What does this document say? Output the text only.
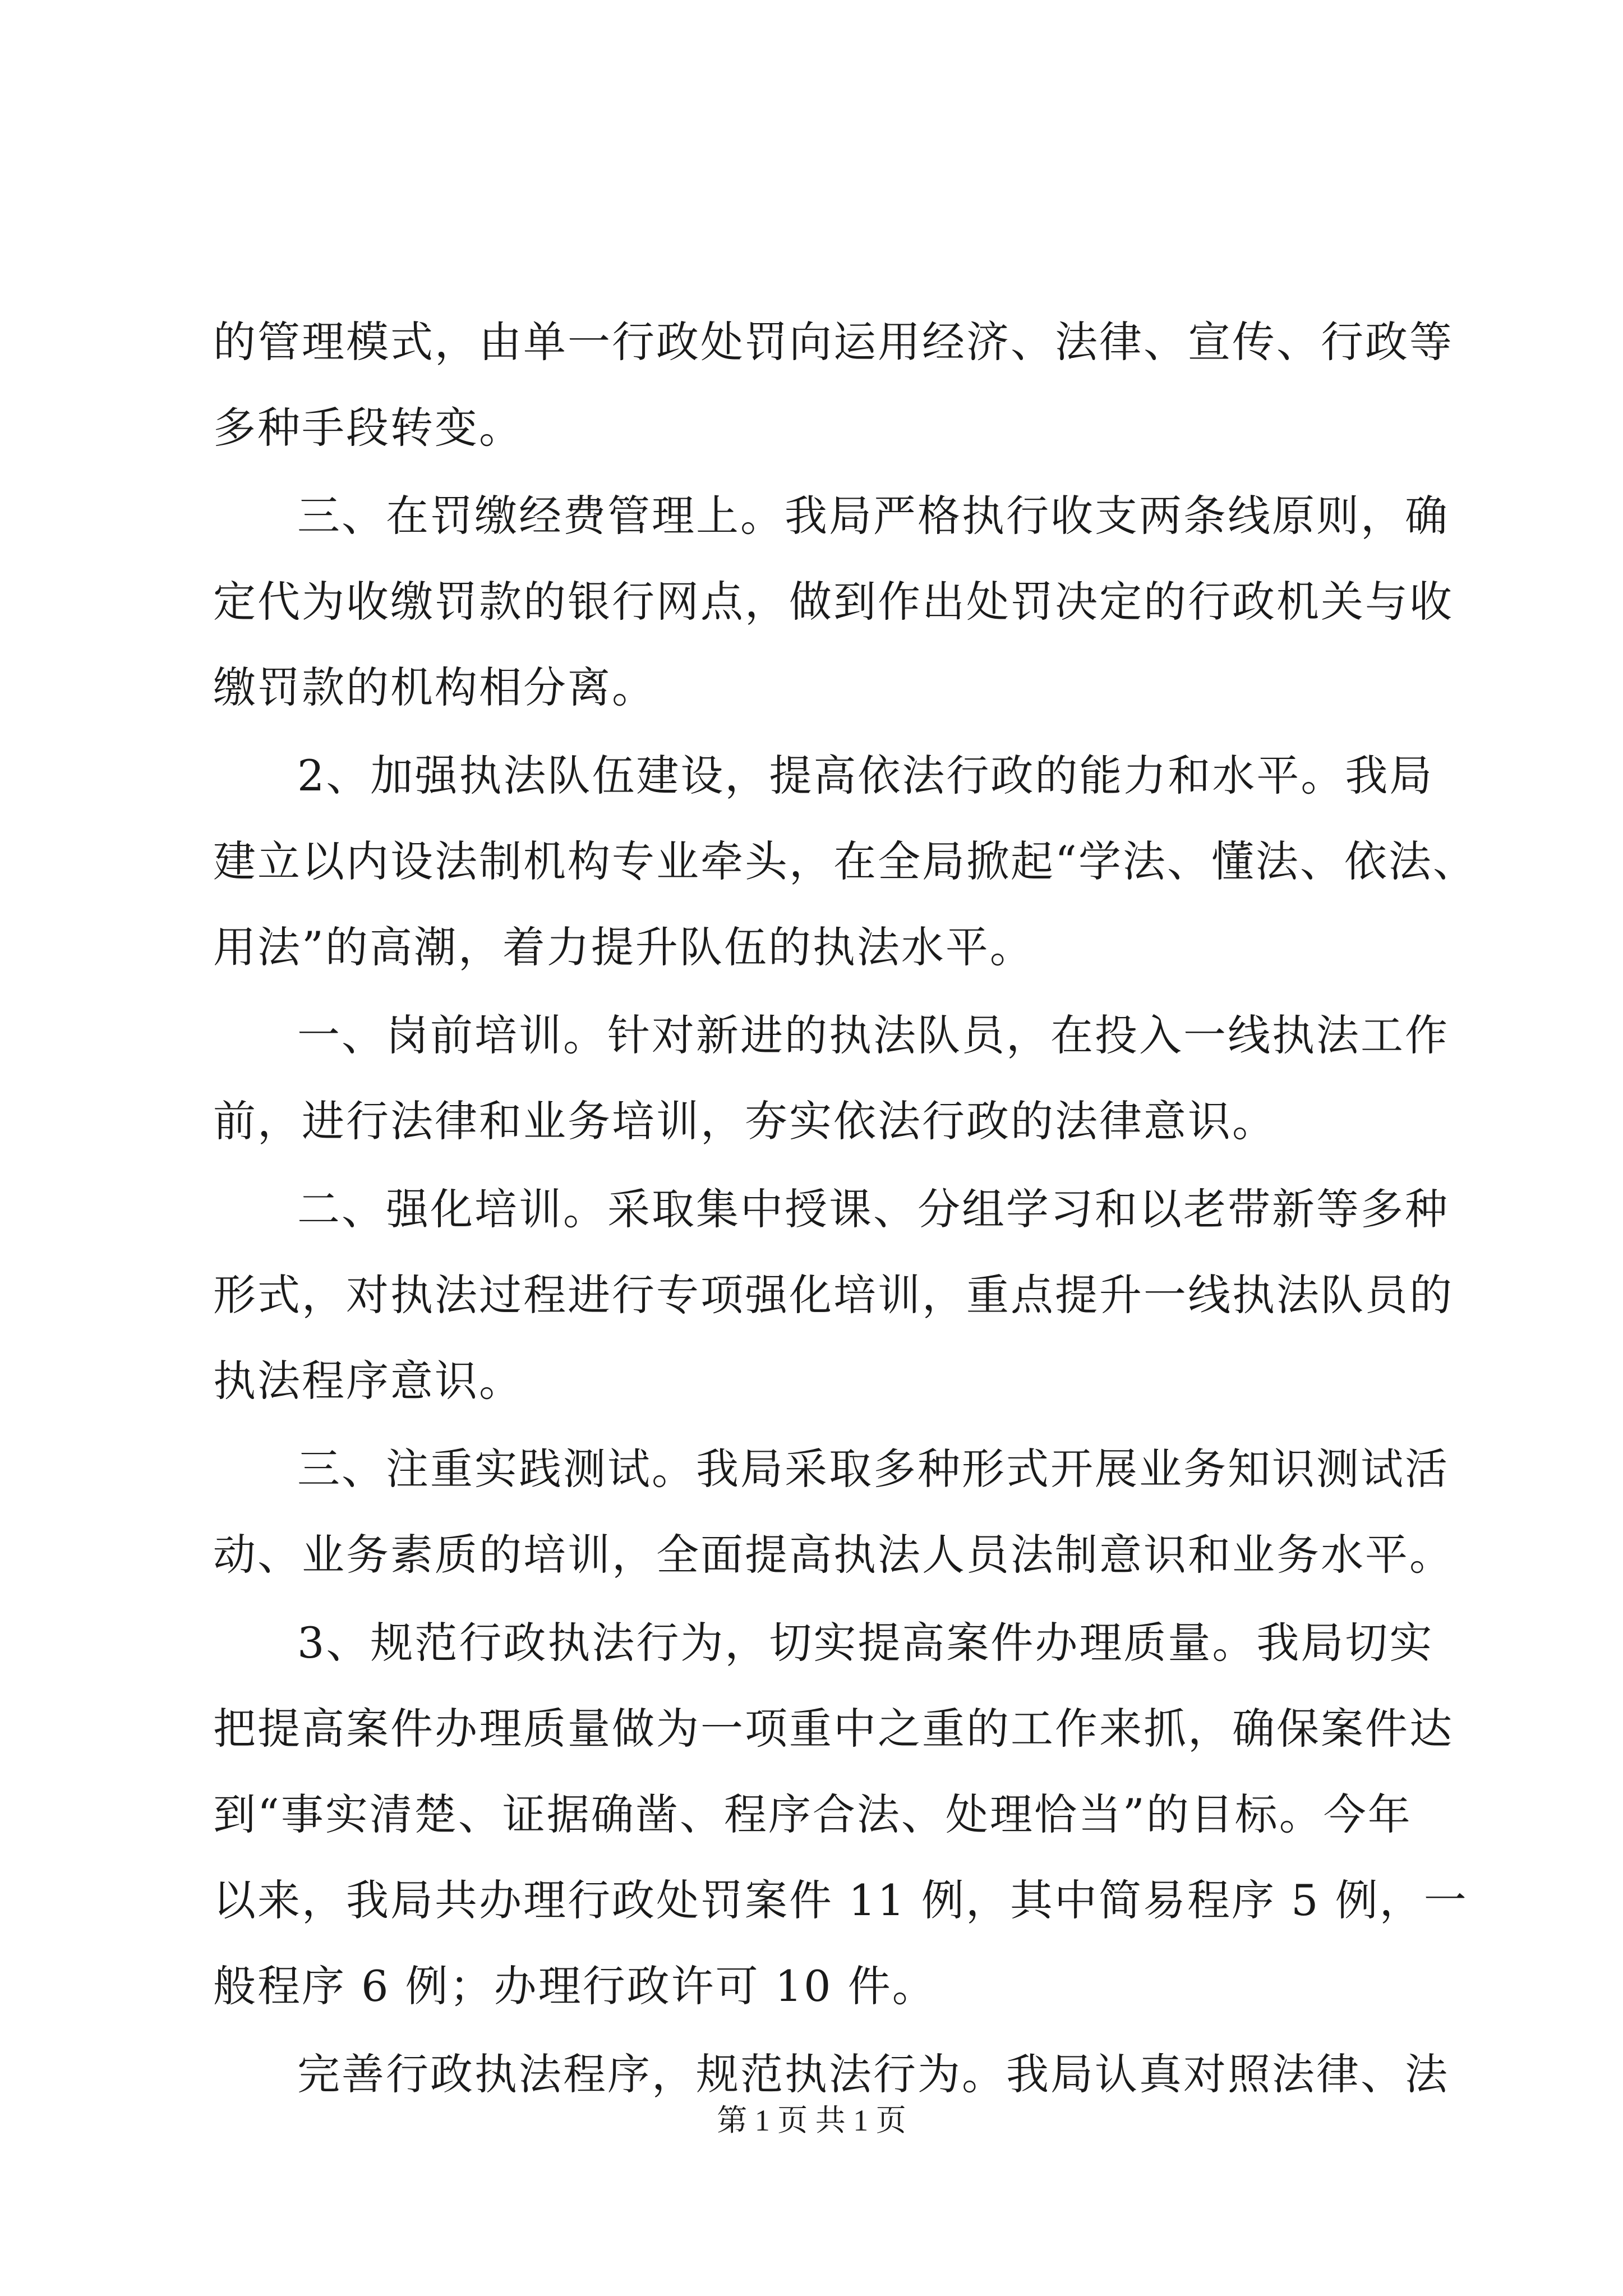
的管理模式，由单一行政处罚向运用经济、法律、宣传、行政等
多种手段转变。
三、在罚缴经费管理上。我局严格执行收支两条线原则，确
定代为收缴罚款的银行网点，做到作出处罚决定的行政机关与收
缴罚款的机构相分离。
2、加强执法队伍建设，提高依法行政的能力和水平。我局
建立以内设法制机构专业牵头，在全局掀起“学法、懂法、依法、
用法”的高潮，着力提升队伍的执法水平。
一、岗前培训。针对新进的执法队员，在投入一线执法工作
前，进行法律和业务培训，夯实依法行政的法律意识。
二、强化培训。采取集中授课、分组学习和以老带新等多种
形式，对执法过程进行专项强化培训，重点提升一线执法队员的
执法程序意识。
三、注重实践测试。我局采取多种形式开展业务知识测试活
动、业务素质的培训，全面提高执法人员法制意识和业务水平。
3、规范行政执法行为，切实提高案件办理质量。我局切实
把提高案件办理质量做为一项重中之重的工作来抓，确保案件达
到“事实清楚、证据确凿、程序合法、处理恰当”的目标。今年
以来，我局共办理行政处罚案件 11 例，其中简易程序 5 例，一
般程序 6 例；办理行政许可 10 件。
完善行政执法程序，规范执法行为。我局认真对照法律、法
第 1 页 共 1 页
